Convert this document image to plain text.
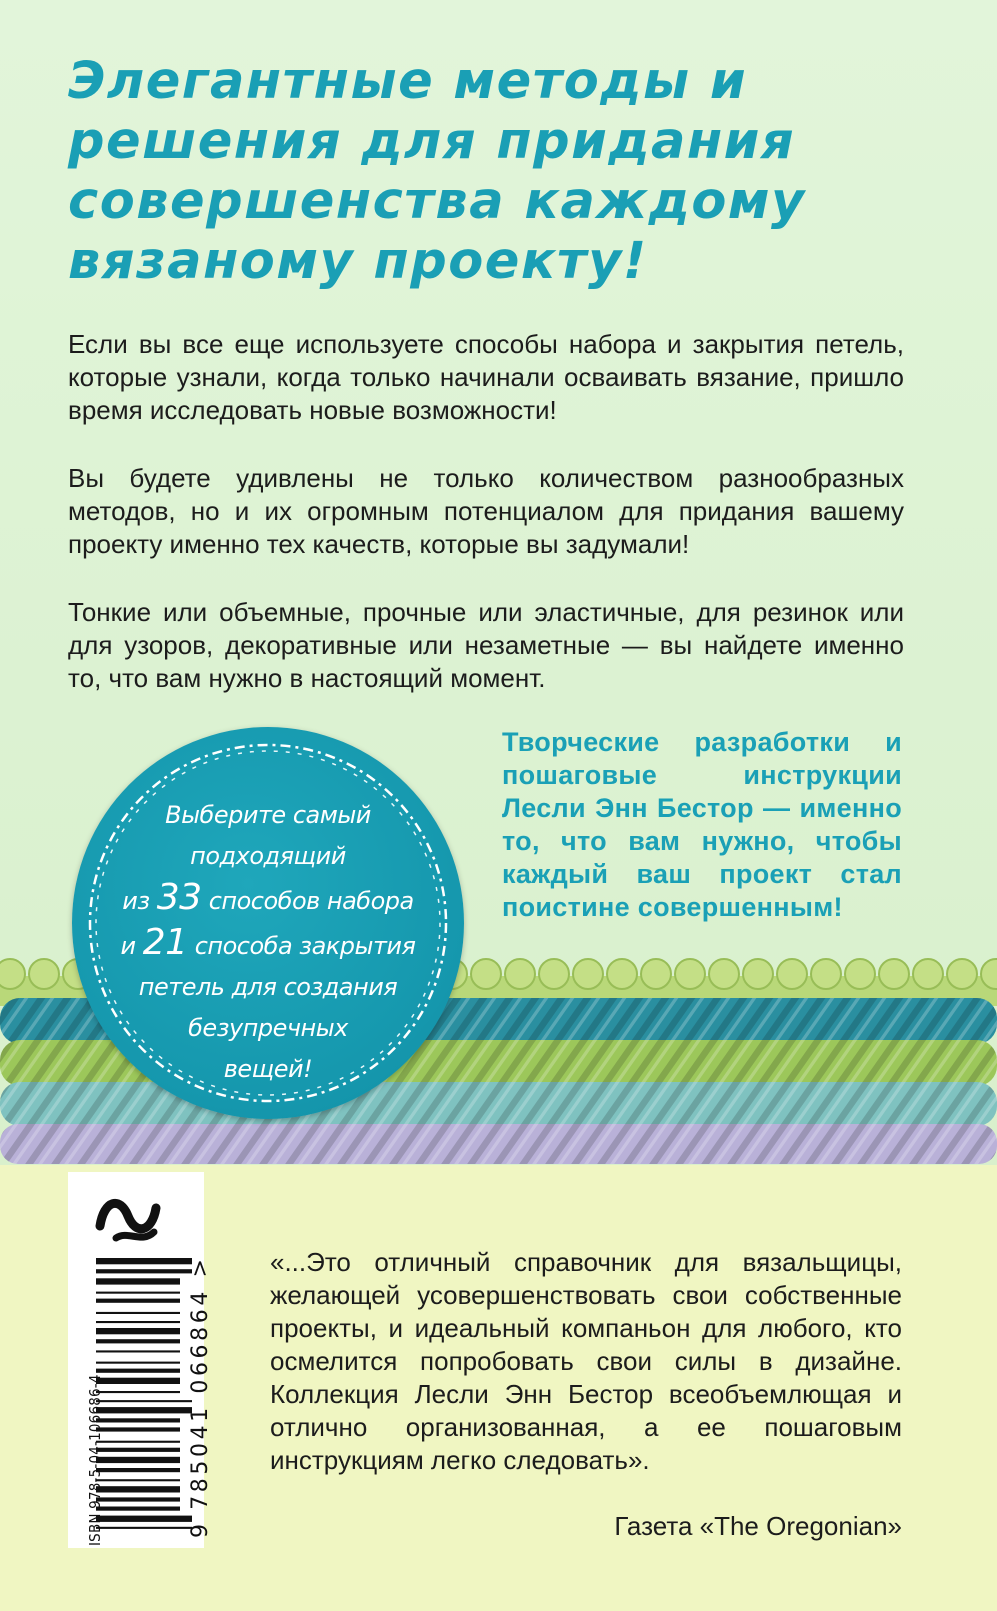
Элегантные методы и решения для придания совершенства каждому вязаному проекту!

Если вы все еще используете способы набора и закрытия петель, которые узнали, когда только начинали осваивать вязание, пришло время исследовать новые возможности!

Вы будете удивлены не только количеством разнообразных методов, но и их огромным потенциалом для придания вашему проекту именно тех качеств, которые вы задумали!

Тонкие или объемные, прочные или эластичные, для резинок или для узоров, декоративные или незаметные — вы найдете именно то, что вам нужно в настоящий момент.

Творческие разработки и пошаговые инструкции Лесли Энн Бестор — именно то, что вам нужно, чтобы каждый ваш проект стал поистине совершенным!

Выберите самый
подходящий
из 33 способов набора
и 21 способа закрытия
петель для создания
безупречных
вещей!

ISBN 978-5-04-106686-4	9 785041 066864 > «...Это отличный справочник для вязальщицы, желающей усовершенствовать свои собственные проекты, и идеальный компаньон для любого, кто осмелится попробовать свои силы в дизайне. Коллекция Лесли Энн Бестор всеобъемлющая и отлично организованная, а ее пошаговым инструкциям легко следовать».

Газета «The Oregonian»
